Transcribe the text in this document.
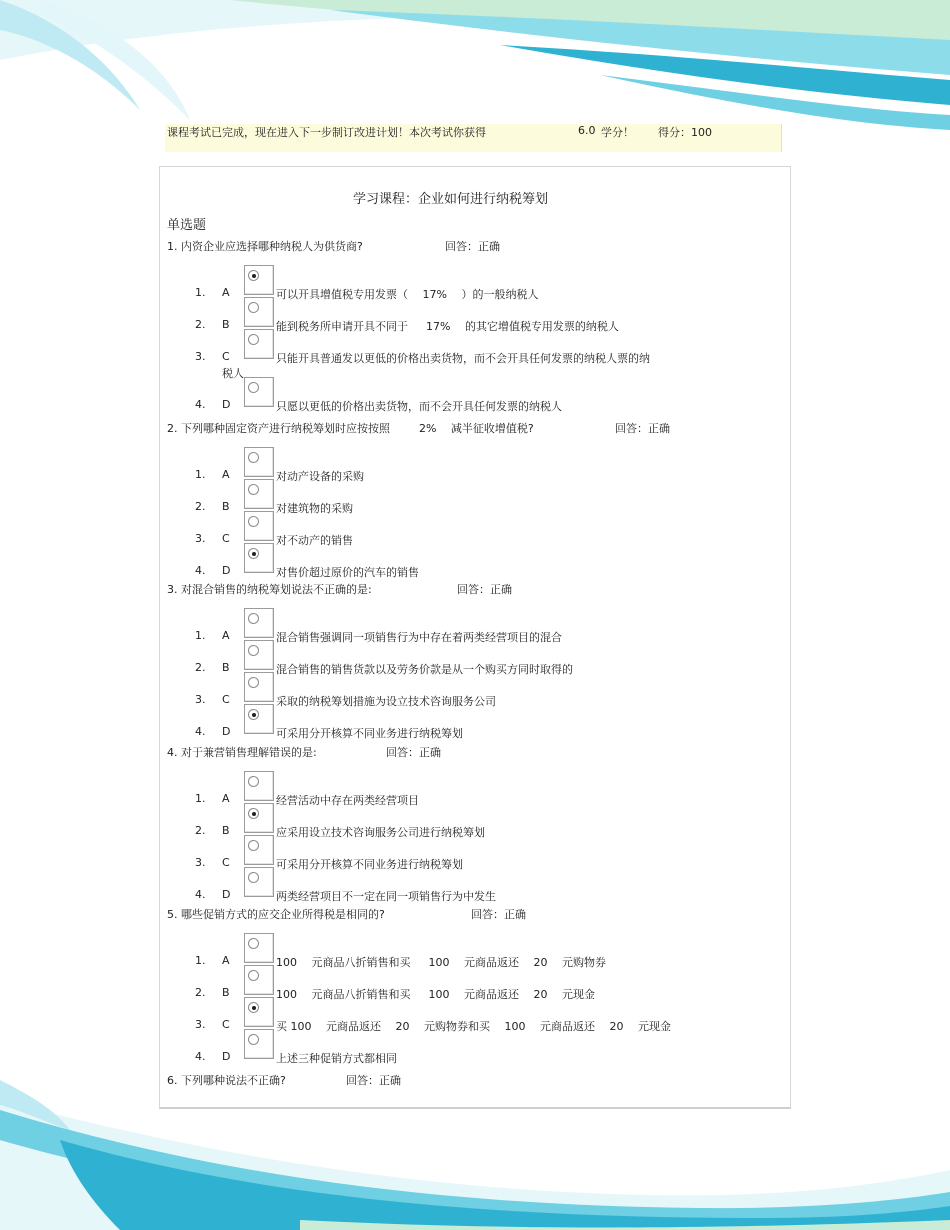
课程考试已完成，现在进入下一步制订改进计划！本次考试你获得	6.0 学分！ 得分：100
学习课程：企业如何进行纳税筹划
单选题
1. 内资企业应选择哪种纳税人为供货商?	回答：正确
1. A	可以开具增值税专用发票（ 　17% 　）的一般纳税人
2. B	能到税务所申请开具不同于 　 17% 　的其它增值税专用发票的纳税人
3. C	只能开具普通发以更低的价格出卖货物，而不会开具任何发票的纳税人票的纳
税人
4. D	只愿以更低的价格出卖货物，而不会开具任何发票的纳税人
2. 下列哪种固定资产进行纳税筹划时应按按照 　 　2% 　减半征收增值税?	回答：正确
1. A	对动产设备的采购
2. B	对建筑物的采购
3. C	对不动产的销售
4. D	对售价超过原价的汽车的销售
3. 对混合销售的纳税筹划说法不正确的是:	回答：正确
1. A	混合销售强调同一项销售行为中存在着两类经营项目的混合
2. B	混合销售的销售货款以及劳务价款是从一个购买方同时取得的
3. C	采取的纳税筹划措施为设立技术咨询服务公司
4. D	可采用分开核算不同业务进行纳税筹划
4. 对于兼营销售理解错误的是:	回答：正确
1. A	经营活动中存在两类经营项目
2. B	应采用设立技术咨询服务公司进行纳税筹划
3. C	可采用分开核算不同业务进行纳税筹划
4. D	两类经营项目不一定在同一项销售行为中发生
5. 哪些促销方式的应交企业所得税是相同的?	回答：正确
1. A	100 　元商品八折销售和买 　 100 　元商品返还 　20 　元购物券
2. B	100 　元商品八折销售和买 　 100 　元商品返还 　20 　元现金
3. C	买 100 　元商品返还 　20 　元购物券和买 　100 　元商品返还 　20 　元现金
4. D	上述三种促销方式都相同
6. 下列哪种说法不正确?	回答：正确
